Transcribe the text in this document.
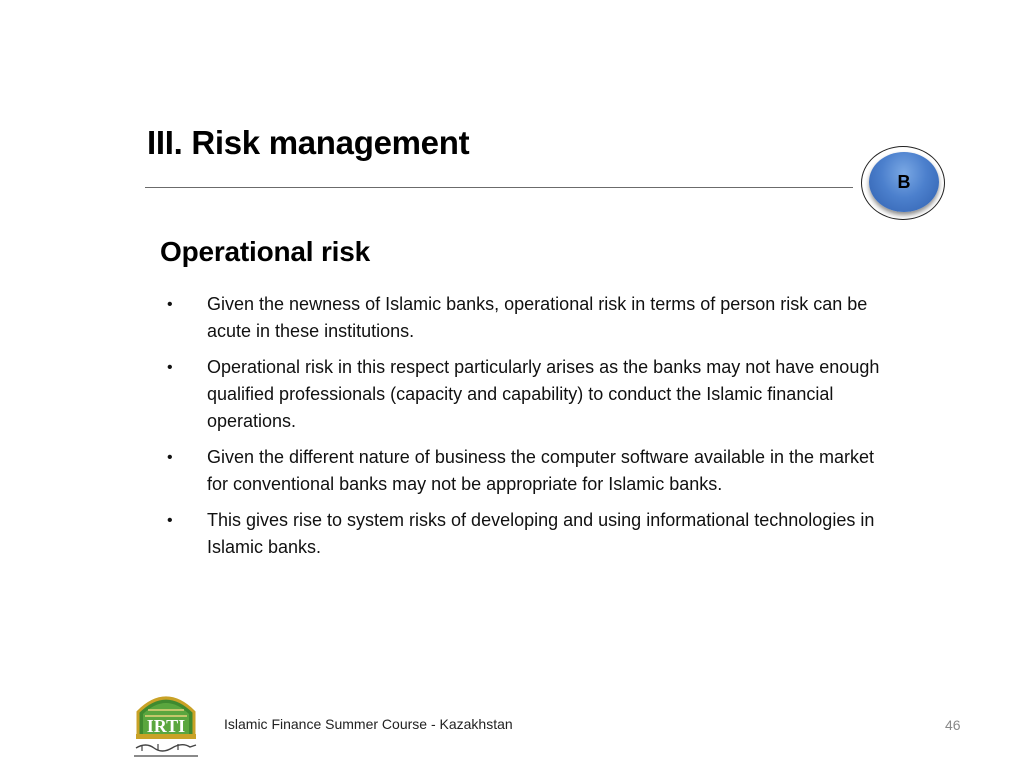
III. Risk management
B
Operational risk
• Given the newness of Islamic banks, operational risk in terms of person risk can be acute in these institutions.
• Operational risk in this respect particularly arises as the banks may not have enough qualified professionals (capacity and capability) to conduct the Islamic financial operations.
• Given the different nature of business the computer software available in the market for conventional banks may not be appropriate for Islamic banks.
• This gives rise to system risks of developing and using informational technologies in Islamic banks.
IRTI	Islamic Finance Summer Course - Kazakhstan	46
